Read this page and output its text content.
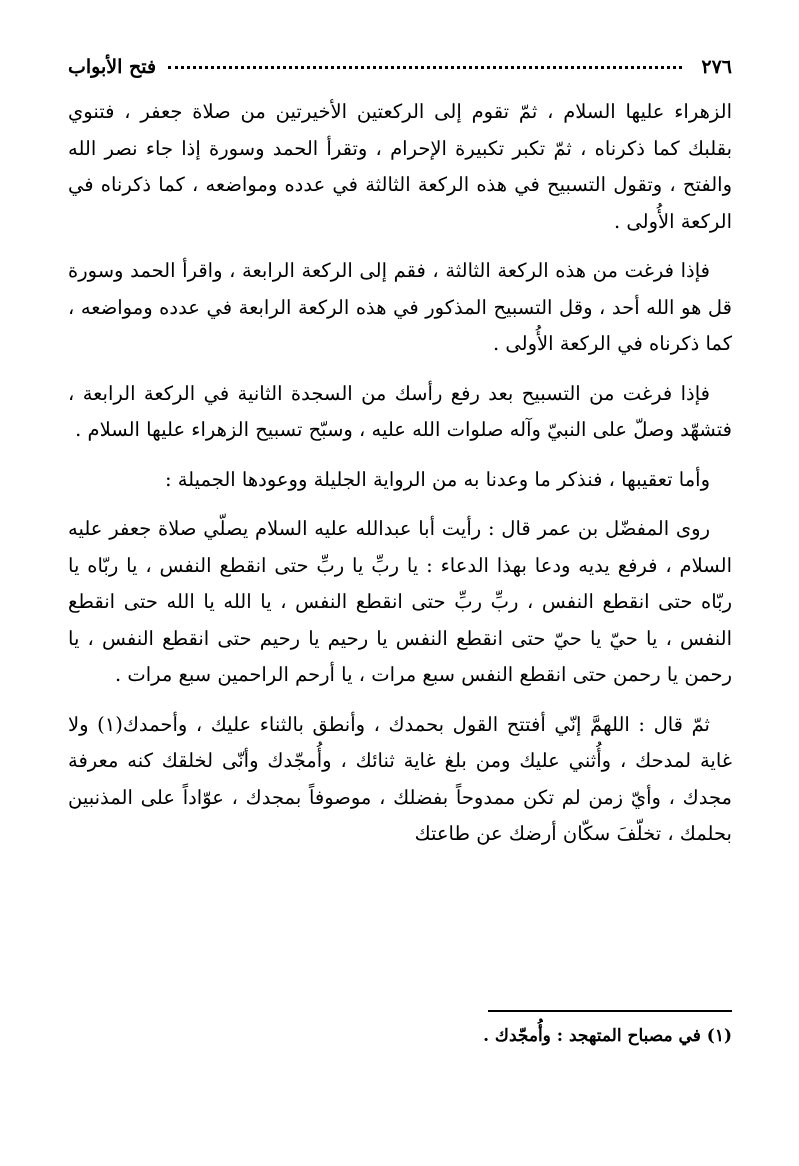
٢٧٦
فتح الأبواب

الزهراء عليها السلام ، ثمّ تقوم إلى الركعتين الأخيرتين من صلاة جعفر ، فتنوي بقلبك كما ذكرناه ، ثمّ تكبر تكبيرة الإحرام ، وتقرأ الحمد وسورة إذا جاء نصر الله والفتح ، وتقول التسبيح في هذه الركعة الثالثة في عدده ومواضعه ، كما ذكرناه في الركعة الأُولى .

فإذا فرغت من هذه الركعة الثالثة ، فقم إلى الركعة الرابعة ، واقرأ الحمد وسورة قل هو الله أحد ، وقل التسبيح المذكور في هذه الركعة الرابعة في عدده ومواضعه ، كما ذكرناه في الركعة الأُولى .

فإذا فرغت من التسبيح بعد رفع رأسك من السجدة الثانية في الركعة الرابعة ، فتشهّد وصلّ على النبيّ وآله صلوات الله عليه ، وسبّح تسبيح الزهراء عليها السلام .

وأما تعقيبها ، فنذكر ما وعدنا به من الرواية الجليلة ووعودها الجميلة :

روى المفضّل بن عمر قال : رأيت أبا عبدالله عليه السلام يصلّي صلاة جعفر عليه السلام ، فرفع يديه ودعا بهذا الدعاء : يا ربِّ يا ربِّ حتى انقطع النفس ، يا ربّاه يا ربّاه حتى انقطع النفس ، ربِّ ربِّ حتى انقطع النفس ، يا الله يا الله حتى انقطع النفس ، يا حيّ يا حيّ حتى انقطع النفس يا رحيم يا رحيم حتى انقطع النفس ، يا رحمن يا رحمن حتى انقطع النفس سبع مرات ، يا أرحم الراحمين سبع مرات .

ثمّ قال : اللهمَّ إنّي أفتتح القول بحمدك ، وأنطق بالثناء عليك ، وأحمدك(١) ولا غاية لمدحك ، وأُثني عليك ومن بلغ غاية ثنائك ، وأُمجّدك وأنّى لخلقك كنه معرفة مجدك ، وأيّ زمن لم تكن ممدوحاً بفضلك ، موصوفاً بمجدك ، عوّاداً على المذنبين بحلمك ، تخلّفَ سكّان أرضك عن طاعتك

(١) في مصباح المتهجد : وأُمجّدك .
